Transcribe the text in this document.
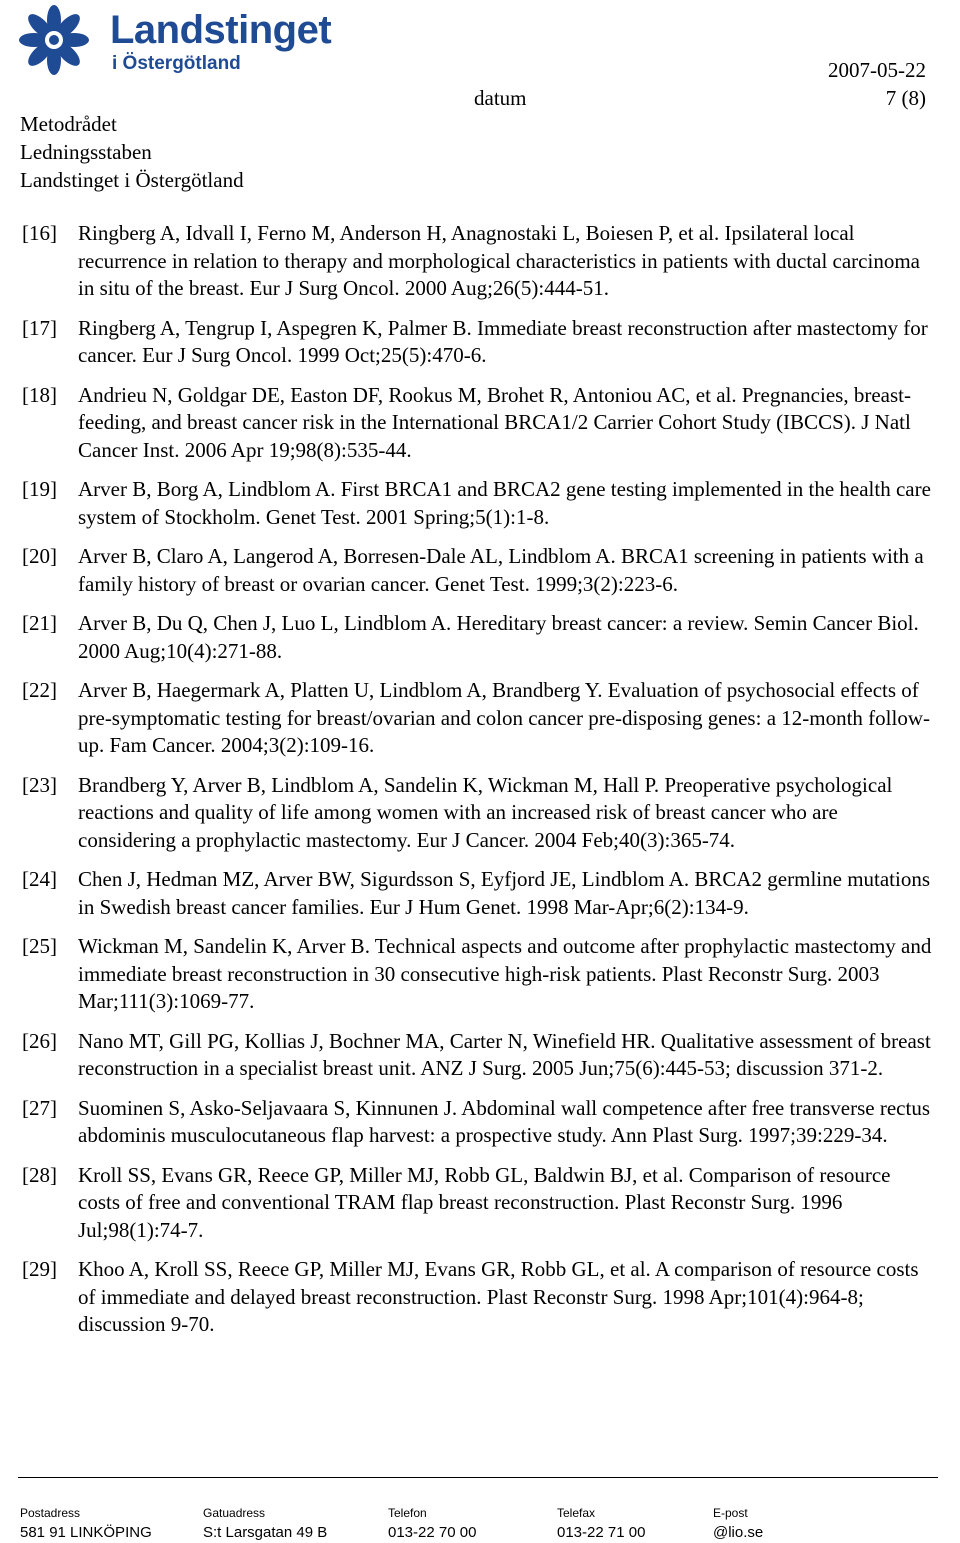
Landstinget
i Östergötland	2007-05-22
datum	7 (8)
Metodrådet
Ledningsstaben
Landstinget i Östergötland
[16] Ringberg A, Idvall I, Ferno M, Anderson H, Anagnostaki L, Boiesen P, et al. Ipsilateral local recurrence in relation to therapy and morphological characteristics in patients with ductal carcinoma in situ of the breast. Eur J Surg Oncol. 2000 Aug;26(5):444-51.
[17] Ringberg A, Tengrup I, Aspegren K, Palmer B. Immediate breast reconstruction after mastectomy for cancer. Eur J Surg Oncol. 1999 Oct;25(5):470-6.
[18] Andrieu N, Goldgar DE, Easton DF, Rookus M, Brohet R, Antoniou AC, et al. Pregnancies, breast-feeding, and breast cancer risk in the International BRCA1/2 Carrier Cohort Study (IBCCS). J Natl Cancer Inst. 2006 Apr 19;98(8):535-44.
[19] Arver B, Borg A, Lindblom A. First BRCA1 and BRCA2 gene testing implemented in the health care system of Stockholm. Genet Test. 2001 Spring;5(1):1-8.
[20] Arver B, Claro A, Langerod A, Borresen-Dale AL, Lindblom A. BRCA1 screening in patients with a family history of breast or ovarian cancer. Genet Test. 1999;3(2):223-6.
[21] Arver B, Du Q, Chen J, Luo L, Lindblom A. Hereditary breast cancer: a review. Semin Cancer Biol. 2000 Aug;10(4):271-88.
[22] Arver B, Haegermark A, Platten U, Lindblom A, Brandberg Y. Evaluation of psychosocial effects of pre-symptomatic testing for breast/ovarian and colon cancer pre-disposing genes: a 12-month follow-up. Fam Cancer. 2004;3(2):109-16.
[23] Brandberg Y, Arver B, Lindblom A, Sandelin K, Wickman M, Hall P. Preoperative psychological reactions and quality of life among women with an increased risk of breast cancer who are considering a prophylactic mastectomy. Eur J Cancer. 2004 Feb;40(3):365-74.
[24] Chen J, Hedman MZ, Arver BW, Sigurdsson S, Eyfjord JE, Lindblom A. BRCA2 germline mutations in Swedish breast cancer families. Eur J Hum Genet. 1998 Mar-Apr;6(2):134-9.
[25] Wickman M, Sandelin K, Arver B. Technical aspects and outcome after prophylactic mastectomy and immediate breast reconstruction in 30 consecutive high-risk patients. Plast Reconstr Surg. 2003 Mar;111(3):1069-77.
[26] Nano MT, Gill PG, Kollias J, Bochner MA, Carter N, Winefield HR. Qualitative assessment of breast reconstruction in a specialist breast unit. ANZ J Surg. 2005 Jun;75(6):445-53; discussion 371-2.
[27] Suominen S, Asko-Seljavaara S, Kinnunen J. Abdominal wall competence after free transverse rectus abdominis musculocutaneous flap harvest: a prospective study. Ann Plast Surg. 1997;39:229-34.
[28] Kroll SS, Evans GR, Reece GP, Miller MJ, Robb GL, Baldwin BJ, et al. Comparison of resource costs of free and conventional TRAM flap breast reconstruction. Plast Reconstr Surg. 1996 Jul;98(1):74-7.
[29] Khoo A, Kroll SS, Reece GP, Miller MJ, Evans GR, Robb GL, et al. A comparison of resource costs of immediate and delayed breast reconstruction. Plast Reconstr Surg. 1998 Apr;101(4):964-8; discussion 9-70.
Postadress
581 91 LINKÖPING
Gatuadress
S:t Larsgatan 49 B
Telefon
013-22 70 00
Telefax
013-22 71 00
E-post
@lio.se
